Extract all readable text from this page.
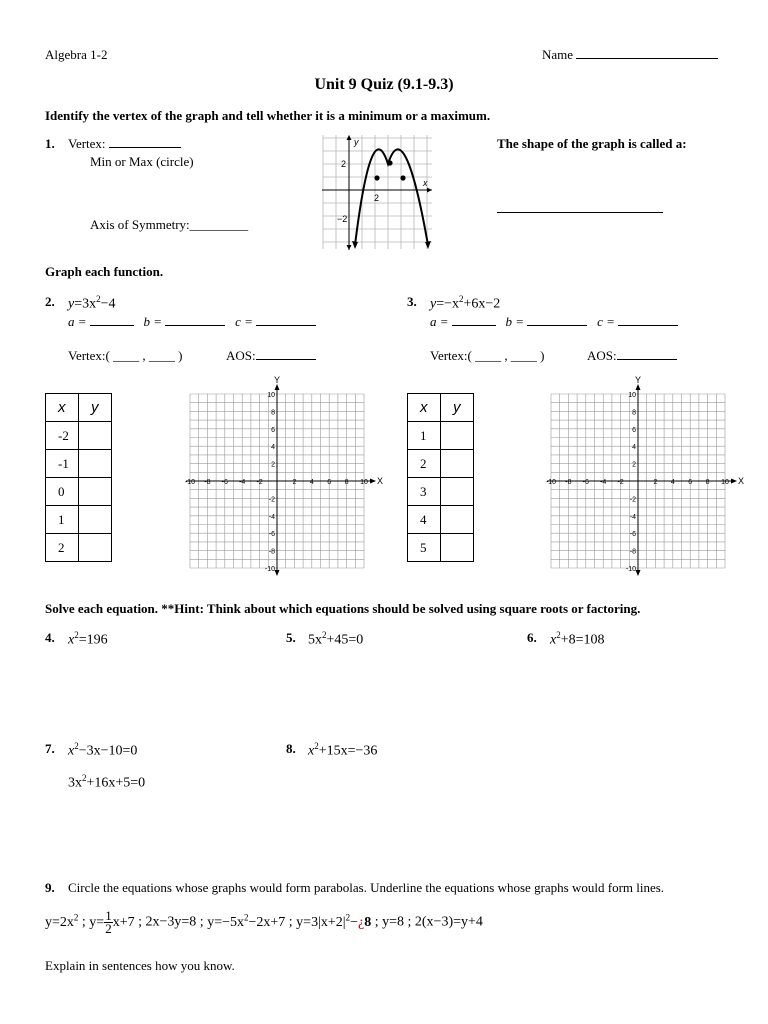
Algebra 1-2	Name
Unit 9 Quiz (9.1-9.3)
Identify the vertex of the graph and tell whether it is a minimum or a maximum.
1. Vertex:
Min or Max (circle)
Axis of Symmetry:_________
The shape of the graph is called a:
y
x
2
−2
2
Graph each function.
2. $y=3x^2-4$
a =	b =	c =
Vertex:( ____ , ____ )	AOS:
3. $y=-x^2+6x-2$
a =	b =	c =
Vertex:( ____ , ____ )	AOS:
x	y
-2	
-1	
0	
1	
2	
x	y
1	
2	
3	
4	
5	
Y
X
10
8
6
4
2
-2
-4
-6
-8
-10
-10 -8 -6 -4 -2	2 4 6 8 10
Y
X
10
8
6
4
2
-2
-4
-6
-8
-10
-10 -8 -6 -4 -2	2 4 6 8 10
Solve each equation. **Hint: Think about which equations should be solved using square roots or factoring.
4. $x^2=196$	5. $5x^2+45=0$	6. $x^2+8=108$
7. $x^2-3x-10=0$
$3x^2+16x+5=0$
8. $x^2+15x=-36$
9. Circle the equations whose graphs would form parabolas. Underline the equations whose graphs would form lines.
$y=2x^2$ ; $y= \frac{1}{2} x+7$ ; 2x−3y=8 ; $y=-5x^2-2x+7$ ; $y=3|x+2|^2-¿8$ ; y=8 ; 2(x−3)=y+4
Explain in sentences how you know.
